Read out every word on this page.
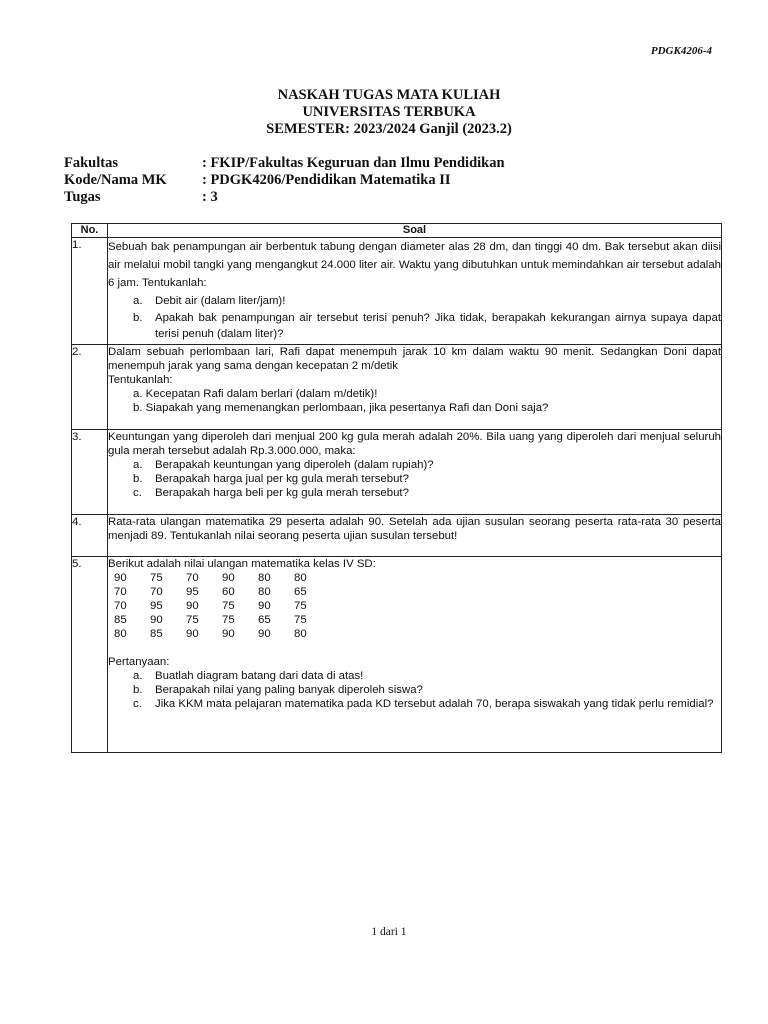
PDGK4206-4
NASKAH TUGAS MATA KULIAH
UNIVERSITAS TERBUKA
SEMESTER: 2023/2024 Ganjil (2023.2)
Fakultas	: FKIP/Fakultas Keguruan dan Ilmu Pendidikan
Kode/Nama MK	: PDGK4206/Pendidikan Matematika II
Tugas	: 3
No.	Soal
1.	Sebuah bak penampungan air berbentuk tabung dengan diameter alas 28 dm, dan tinggi 40 dm. Bak tersebut akan diisi air melalui mobil tangki yang mengangkut 24.000 liter air. Waktu yang dibutuhkan untuk memindahkan air tersebut adalah 6 jam. Tentukanlah:
a.	Debit air (dalam liter/jam)!
b.	Apakah bak penampungan air tersebut terisi penuh? Jika tidak, berapakah kekurangan airnya supaya dapat terisi penuh (dalam liter)?

2.	Dalam sebuah perlombaan lari, Rafi dapat menempuh jarak 10 km dalam waktu 90 menit. Sedangkan Doni dapat menempuh jarak yang sama dengan kecepatan 2 m/detik
Tentukanlah:
a. Kecepatan Rafi dalam berlari (dalam m/detik)!
b. Siapakah yang memenangkan perlombaan, jika pesertanya Rafi dan Doni saja?

3.	Keuntungan yang diperoleh dari menjual 200 kg gula merah adalah 20%. Bila uang yang diperoleh dari menjual seluruh gula merah tersebut adalah Rp.3.000.000, maka:
a.	Berapakah keuntungan yang diperoleh (dalam rupiah)?
b.	Berapakah harga jual per kg gula merah tersebut?
c.	Berapakah harga beli per kg gula merah tersebut?

4.	Rata-rata ulangan matematika 29 peserta adalah 90. Setelah ada ujian susulan seorang peserta rata-rata 30 peserta menjadi 89. Tentukanlah nilai seorang peserta ujian susulan tersebut!

5.	Berikut adalah nilai ulangan matematika kelas IV SD:
90	75	70	90	80	80
70	70	95	60	80	65
70	95	90	75	90	75
85	90	75	75	65	75
80	85	90	90	90	80
Pertanyaan:
a.	Buatlah diagram batang dari data di atas!
b.	Berapakah nilai yang paling banyak diperoleh siswa?
c.	Jika KKM mata pelajaran matematika pada KD tersebut adalah 70, berapa siswakah yang tidak perlu remidial?
1 dari 1
